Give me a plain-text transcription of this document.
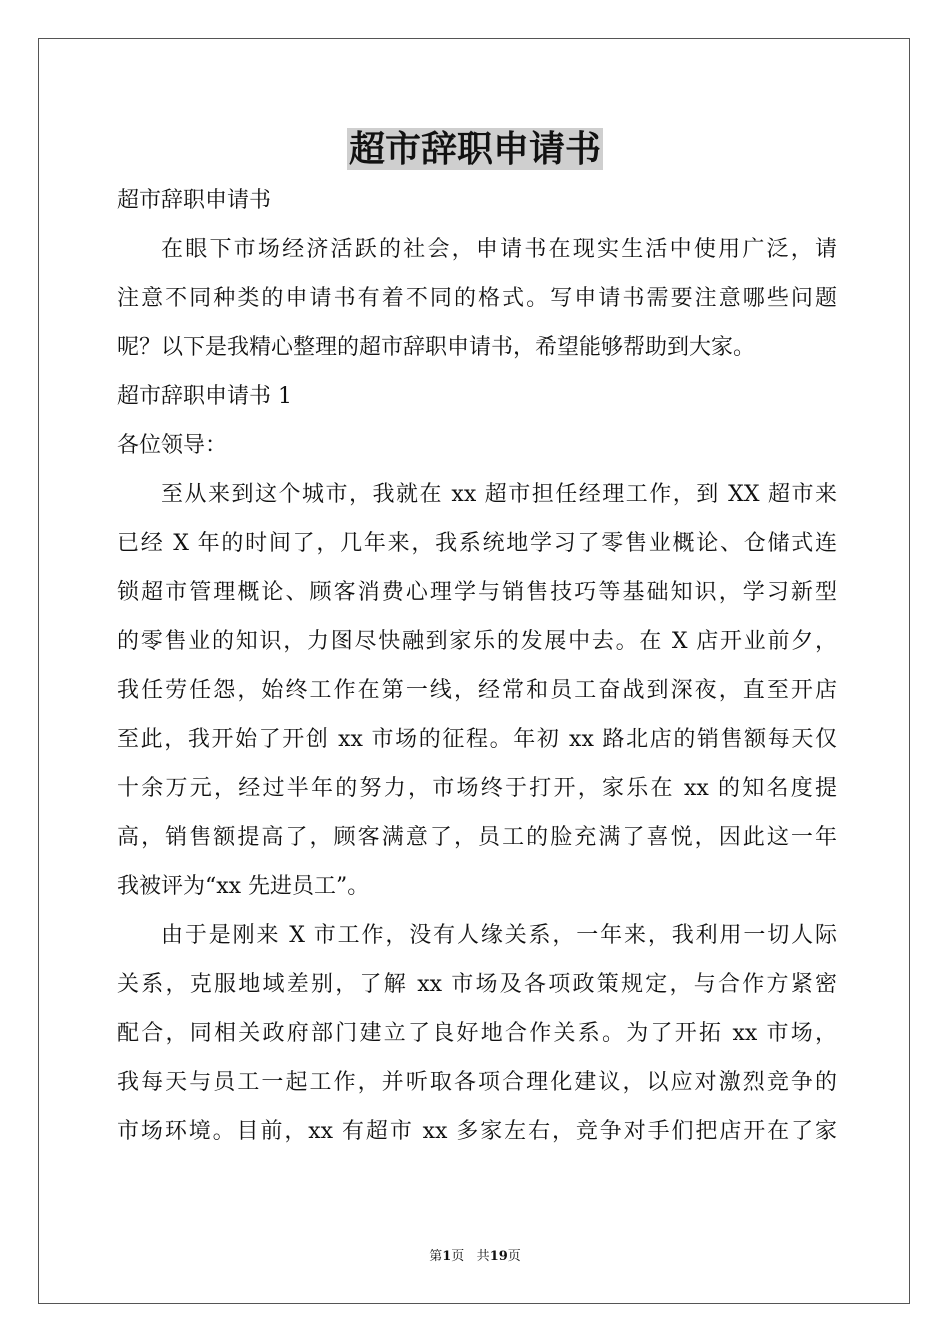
超市辞职申请书
超市辞职申请书
在眼下市场经济活跃的社会，申请书在现实生活中使用广泛，请
注意不同种类的申请书有着不同的格式。写申请书需要注意哪些问题
呢？以下是我精心整理的超市辞职申请书，希望能够帮助到大家。
超市辞职申请书 1
各位领导：
至从来到这个城市，我就在 xx 超市担任经理工作，到 XX 超市来
已经 X 年的时间了，几年来，我系统地学习了零售业概论、仓储式连
锁超市管理概论、顾客消费心理学与销售技巧等基础知识，学习新型
的零售业的知识，力图尽快融到家乐的发展中去。在 X 店开业前夕，
我任劳任怨，始终工作在第一线，经常和员工奋战到深夜，直至开店
至此，我开始了开创 xx 市场的征程。年初 xx 路北店的销售额每天仅
十余万元，经过半年的努力，市场终于打开，家乐在 xx 的知名度提
高，销售额提高了，顾客满意了，员工的脸充满了喜悦，因此这一年
我被评为“xx 先进员工”。
由于是刚来 X 市工作，没有人缘关系，一年来，我利用一切人际
关系，克服地域差别，了解 xx 市场及各项政策规定，与合作方紧密
配合，同相关政府部门建立了良好地合作关系。为了开拓 xx 市场，
我每天与员工一起工作，并听取各项合理化建议，以应对激烈竞争的
市场环境。目前，xx 有超市 xx 多家左右，竞争对手们把店开在了家
第1页   共19页
